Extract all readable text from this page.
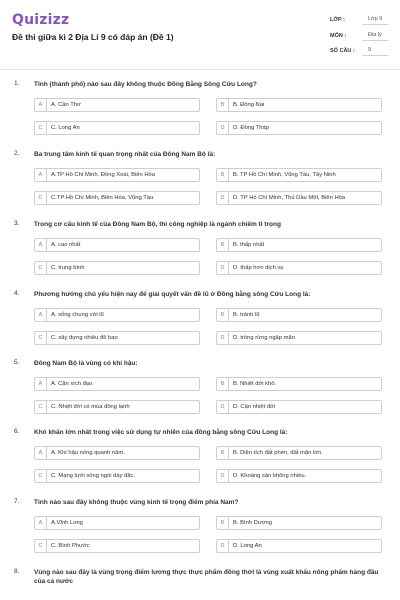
Quizizz
Đề thi giữa kì 2 Địa Lí 9 có đáp án (Đề 1)
LỚP :	Lớp 9
MÔN :	Địa lý
SỐ CÂU :	9
1. Tỉnh (thành phố) nào sau đây không thuộc Đồng Bằng Sông Cửu Long?
A	A. Cần Thơ	B	B. Đồng Nai
C	C. Long An	D	D. Đồng Tháp
2. Ba trung tâm kinh tế quan trọng nhất của Đông Nam Bộ là:
A	A.TP Hồ Chí Minh, Đồng Xoài, Biên Hòa	B	B. TP Hồ Chí Minh, Vũng Tàu, Tây Ninh
C	C.TP Hồ Chí Minh, Biên Hòa, Vũng Tàu	D	D. TP Hồ Chí Minh, Thủ Dầu Một, Biên Hòa
3. Trong cơ cấu kinh tế của Đông Nam Bộ, thì công nghiệp là ngành chiếm tỉ trọng
A	A. cao nhất	B	B. thấp nhất
C	C. trung bình	D	D. thấp hơn dịch vụ
4. Phương hướng chủ yếu hiện nay để giải quyết vấn đề lũ ở Đồng bằng sông Cửu Long là:
A	A. sống chung với lũ	B	B. tránh lũ
C	C. xây dựng nhiều đê bao	D	D. trồng rừng ngập mặn
5. Đông Nam Bộ là vùng có khí hậu:
A	A. Cận xích đạo.	B	B. Nhiệt đới khô.
C	C. Nhiệt đới có mùa đông lạnh	D	D. Cận nhiệt đới
6. Khó khăn lớn nhất trong việc sử dụng tự nhiên của đồng bằng sông Cửu Long là:
A	A. Khí hậu nóng quanh năm.	B	B. Diện tích đất phèn, đất mặn lớn.
C	C. Mạng lưới sông ngòi dày đặc.	D	D. Khoáng sản không nhiều.
7. Tỉnh nào sau đây không thuộc vùng kinh tế trọng điểm phía Nam?
A	A.Vĩnh Long	B	B. Bình Dương
C	C. Bình Phước	D	D. Long An
8. Vùng nào sau đây là vùng trọng điểm lương thực thực phẩm đồng thời là vùng xuất khẩu nông phẩm hàng đầu của cả nước
